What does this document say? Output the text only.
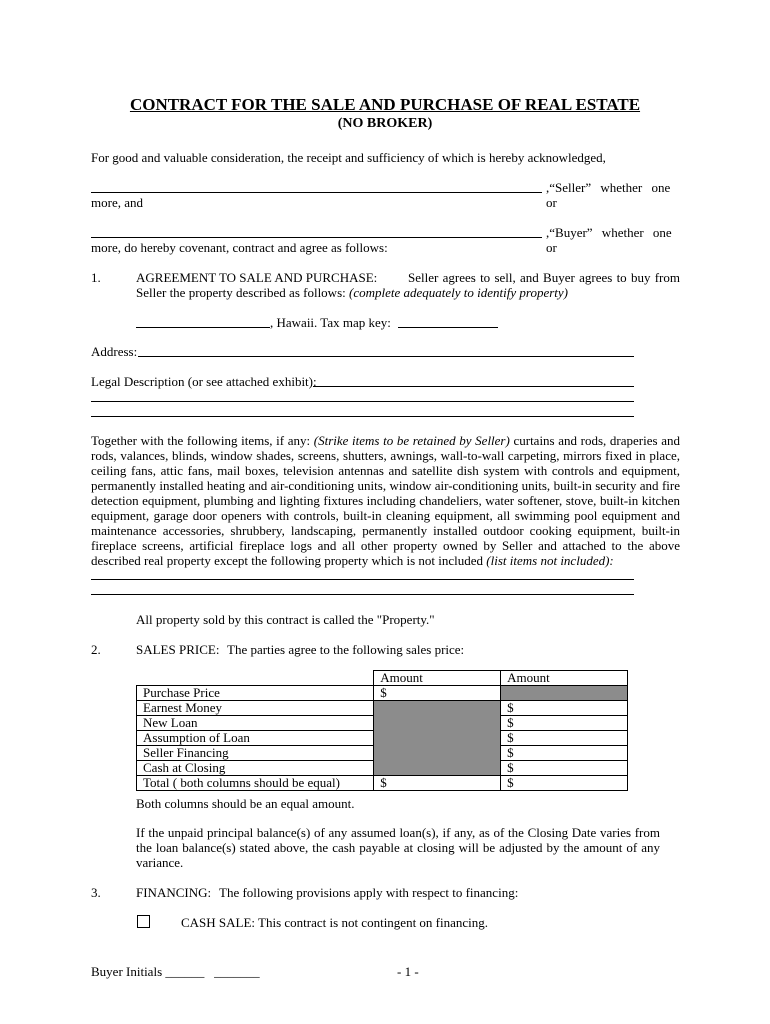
CONTRACT FOR THE SALE AND PURCHASE OF REAL ESTATE
(NO BROKER)
For good and valuable consideration, the receipt and sufficiency of which is hereby acknowledged,
,“Seller” whether one or
more, and
,“Buyer” whether one or
more, do hereby covenant, contract and agree as follows:
1.	AGREEMENT TO SALE AND PURCHASE: Seller agrees to sell, and Buyer agrees to buy from
Seller the property described as follows: (complete adequately to identify property)
, Hawaii. Tax map key:
Address:
Legal Description (or see attached exhibit):
Together with the following items, if any: (Strike items to be retained by Seller) curtains and rods, draperies and rods, valances, blinds, window shades, screens, shutters, awnings, wall-to-wall carpeting, mirrors fixed in place, ceiling fans, attic fans, mail boxes, television antennas and satellite dish system with controls and equipment, permanently installed heating and air-conditioning units, window air-conditioning units, built-in security and fire detection equipment, plumbing and lighting fixtures including chandeliers, water softener, stove, built-in kitchen equipment, garage door openers with controls, built-in cleaning equipment, all swimming pool equipment and maintenance accessories, shrubbery, landscaping, permanently installed outdoor cooking equipment, built-in fireplace screens, artificial fireplace logs and all other property owned by Seller and attached to the above described real property except the following property which is not included (list items not included):
All property sold by this contract is called the "Property."
2.	SALES PRICE: The parties agree to the following sales price:
	Amount	Amount
Purchase Price	$	
Earnest Money		$
New Loan		$
Assumption of Loan		$
Seller Financing		$
Cash at Closing		$
Total ( both columns should be equal)	$	$
Both columns should be an equal amount.
If the unpaid principal balance(s) of any assumed loan(s), if any, as of the Closing Date varies from the loan balance(s) stated above, the cash payable at closing will be adjusted by the amount of any variance.
3.	FINANCING: The following provisions apply with respect to financing:
CASH SALE: This contract is not contingent on financing.
Buyer Initials ______   _______	- 1 -
